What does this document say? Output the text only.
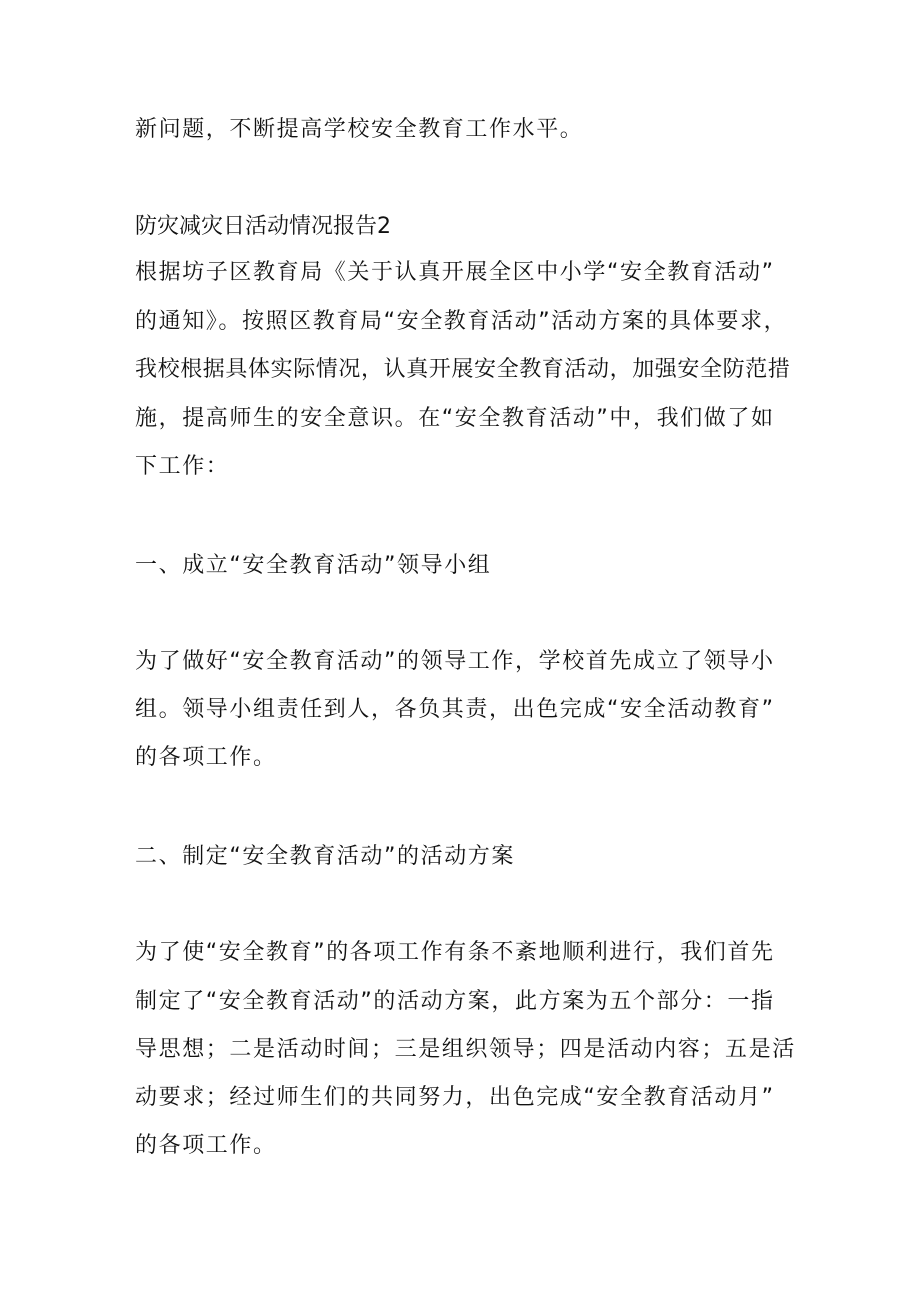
新问题，不断提高学校安全教育工作水平。
防灾减灾日活动情况报告2
根据坊子区教育局《关于认真开展全区中小学“安全教育活动”
的通知》。按照区教育局“安全教育活动”活动方案的具体要求，
我校根据具体实际情况，认真开展安全教育活动，加强安全防范措
施，提高师生的安全意识。在“安全教育活动”中，我们做了如
下工作：
一、成立“安全教育活动”领导小组
为了做好“安全教育活动”的领导工作，学校首先成立了领导小
组。领导小组责任到人，各负其责，出色完成“安全活动教育”
的各项工作。
二、制定“安全教育活动”的活动方案
为了使“安全教育”的各项工作有条不紊地顺利进行，我们首先
制定了“安全教育活动”的活动方案，此方案为五个部分：一指
导思想；二是活动时间；三是组织领导；四是活动内容；五是活
动要求；经过师生们的共同努力，出色完成“安全教育活动月”
的各项工作。
